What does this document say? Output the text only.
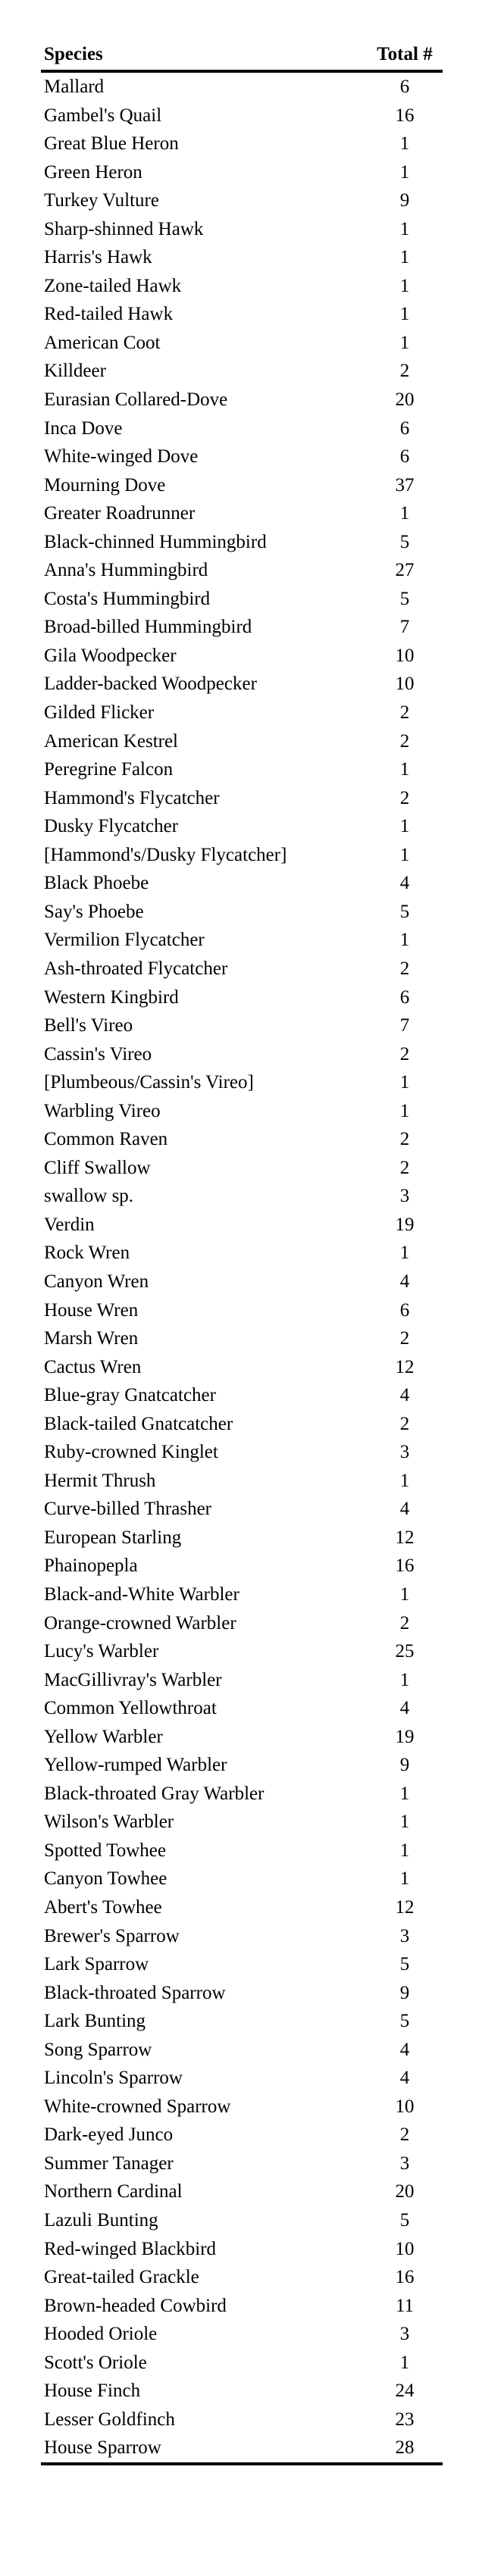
Species	Total #
Mallard	6
Gambel's Quail	16
Great Blue Heron	1
Green Heron	1
Turkey Vulture	9
Sharp-shinned Hawk	1
Harris's Hawk	1
Zone-tailed Hawk	1
Red-tailed Hawk	1
American Coot	1
Killdeer	2
Eurasian Collared-Dove	20
Inca Dove	6
White-winged Dove	6
Mourning Dove	37
Greater Roadrunner	1
Black-chinned Hummingbird	5
Anna's Hummingbird	27
Costa's Hummingbird	5
Broad-billed Hummingbird	7
Gila Woodpecker	10
Ladder-backed Woodpecker	10
Gilded Flicker	2
American Kestrel	2
Peregrine Falcon	1
Hammond's Flycatcher	2
Dusky Flycatcher	1
[Hammond's/Dusky Flycatcher]	1
Black Phoebe	4
Say's Phoebe	5
Vermilion Flycatcher	1
Ash-throated Flycatcher	2
Western Kingbird	6
Bell's Vireo	7
Cassin's Vireo	2
[Plumbeous/Cassin's Vireo]	1
Warbling Vireo	1
Common Raven	2
Cliff Swallow	2
swallow sp.	3
Verdin	19
Rock Wren	1
Canyon Wren	4
House Wren	6
Marsh Wren	2
Cactus Wren	12
Blue-gray Gnatcatcher	4
Black-tailed Gnatcatcher	2
Ruby-crowned Kinglet	3
Hermit Thrush	1
Curve-billed Thrasher	4
European Starling	12
Phainopepla	16
Black-and-White Warbler	1
Orange-crowned Warbler	2
Lucy's Warbler	25
MacGillivray's Warbler	1
Common Yellowthroat	4
Yellow Warbler	19
Yellow-rumped Warbler	9
Black-throated Gray Warbler	1
Wilson's Warbler	1
Spotted Towhee	1
Canyon Towhee	1
Abert's Towhee	12
Brewer's Sparrow	3
Lark Sparrow	5
Black-throated Sparrow	9
Lark Bunting	5
Song Sparrow	4
Lincoln's Sparrow	4
White-crowned Sparrow	10
Dark-eyed Junco	2
Summer Tanager	3
Northern Cardinal	20
Lazuli Bunting	5
Red-winged Blackbird	10
Great-tailed Grackle	16
Brown-headed Cowbird	11
Hooded Oriole	3
Scott's Oriole	1
House Finch	24
Lesser Goldfinch	23
House Sparrow	28
